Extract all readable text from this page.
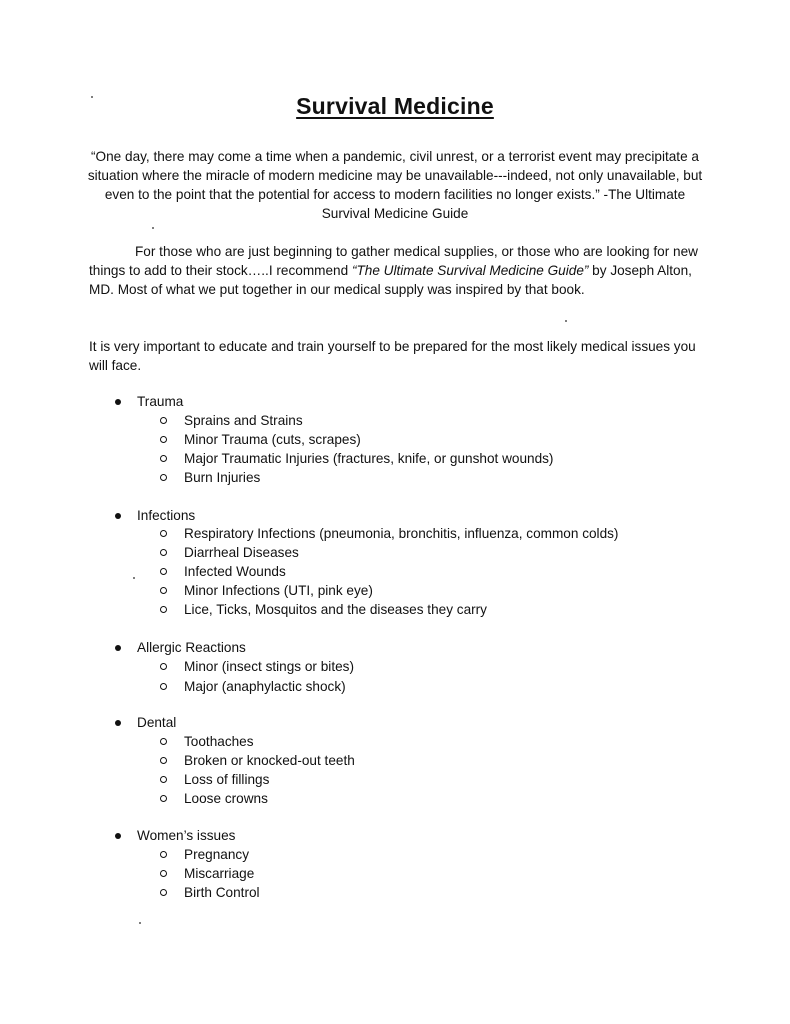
Survival Medicine
“One day, there may come a time when a pandemic, civil unrest, or a terrorist event may precipitate a situation where the miracle of modern medicine may be unavailable---indeed, not only unavailable, but even to the point that the potential for access to modern facilities no longer exists.” -The Ultimate Survival Medicine Guide
For those who are just beginning to gather medical supplies, or those who are looking for new things to add to their stock…..I recommend “The Ultimate Survival Medicine Guide” by Joseph Alton, MD. Most of what we put together in our medical supply was inspired by that book.
It is very important to educate and train yourself to be prepared for the most likely medical issues you will face.
Trauma
Sprains and Strains
Minor Trauma (cuts, scrapes)
Major Traumatic Injuries (fractures, knife, or gunshot wounds)
Burn Injuries
Infections
Respiratory Infections (pneumonia, bronchitis, influenza, common colds)
Diarrheal Diseases
Infected Wounds
Minor Infections (UTI, pink eye)
Lice, Ticks, Mosquitos and the diseases they carry
Allergic Reactions
Minor (insect stings or bites)
Major (anaphylactic shock)
Dental
Toothaches
Broken or knocked-out teeth
Loss of fillings
Loose crowns
Women’s issues
Pregnancy
Miscarriage
Birth Control
